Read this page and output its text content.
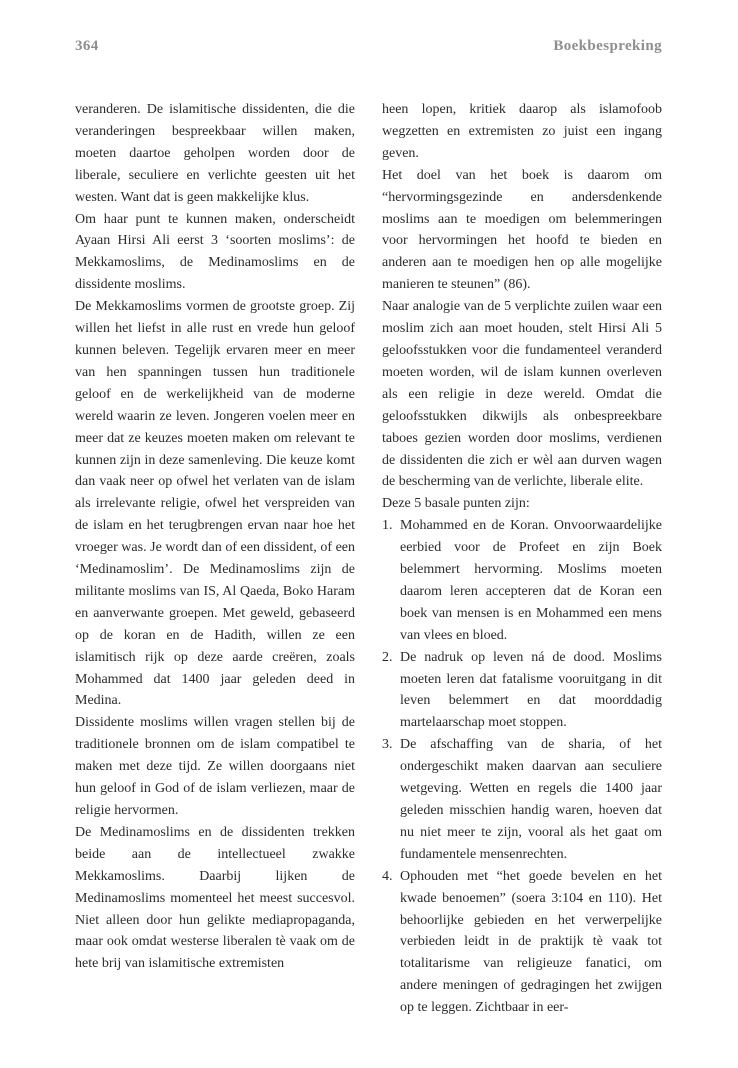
364	Boekbespreking

veranderen. De islamitische dissidenten, die die veranderingen bespreekbaar willen maken, moeten daartoe geholpen worden door de liberale, seculiere en verlichte geesten uit het westen. Want dat is geen makkelijke klus.

Om haar punt te kunnen maken, onderscheidt Ayaan Hirsi Ali eerst 3 ‘soorten moslims’: de Mekkamoslims, de Medinamoslims en de dissidente moslims.

De Mekkamoslims vormen de grootste groep. Zij willen het liefst in alle rust en vrede hun geloof kunnen beleven. Tegelijk ervaren meer en meer van hen spanningen tussen hun traditionele geloof en de werkelijkheid van de moderne wereld waarin ze leven. Jongeren voelen meer en meer dat ze keuzes moeten maken om relevant te kunnen zijn in deze samenleving. Die keuze komt dan vaak neer op ofwel het verlaten van de islam als irrelevante religie, ofwel het verspreiden van de islam en het terugbrengen ervan naar hoe het vroeger was. Je wordt dan of een dissident, of een ‘Medinamoslim’. De Medinamoslims zijn de militante moslims van IS, Al Qaeda, Boko Haram en aanverwante groepen. Met geweld, gebaseerd op de koran en de Hadith, willen ze een islamitisch rijk op deze aarde creëren, zoals Mohammed dat 1400 jaar geleden deed in Medina.

Dissidente moslims willen vragen stellen bij de traditionele bronnen om de islam compatibel te maken met deze tijd. Ze willen doorgaans niet hun geloof in God of de islam verliezen, maar de religie hervormen.

De Medinamoslims en de dissidenten trekken beide aan de intellectueel zwakke Mekkamoslims. Daarbij lijken de Medinamoslims momenteel het meest succesvol. Niet alleen door hun gelikte mediapropaganda, maar ook omdat westerse liberalen tè vaak om de hete brij van islamitische extremisten

heen lopen, kritiek daarop als islamofoob wegzetten en extremisten zo juist een ingang geven.

Het doel van het boek is daarom om “hervormingsgezinde en andersdenkende moslims aan te moedigen om belemmeringen voor hervormingen het hoofd te bieden en anderen aan te moedigen hen op alle mogelijke manieren te steunen” (86).

Naar analogie van de 5 verplichte zuilen waar een moslim zich aan moet houden, stelt Hirsi Ali 5 geloofsstukken voor die fundamenteel veranderd moeten worden, wil de islam kunnen overleven als een religie in deze wereld. Omdat die geloofsstukken dikwijls als onbespreekbare taboes gezien worden door moslims, verdienen de dissidenten die zich er wèl aan durven wagen de bescherming van de verlichte, liberale elite.

Deze 5 basale punten zijn:

1. Mohammed en de Koran. Onvoorwaardelijke eerbied voor de Profeet en zijn Boek belemmert hervorming. Moslims moeten daarom leren accepteren dat de Koran een boek van mensen is en Mohammed een mens van vlees en bloed.
2. De nadruk op leven ná de dood. Moslims moeten leren dat fatalisme vooruitgang in dit leven belemmert en dat moorddadig martelaarschap moet stoppen.
3. De afschaffing van de sharia, of het ondergeschikt maken daarvan aan seculiere wetgeving. Wetten en regels die 1400 jaar geleden misschien handig waren, hoeven dat nu niet meer te zijn, vooral als het gaat om fundamentele mensenrechten.
4. Ophouden met “het goede bevelen en het kwade benoemen” (soera 3:104 en 110). Het behoorlijke gebieden en het verwerpelijke verbieden leidt in de praktijk tè vaak tot totalitarisme van religieuze fanatici, om andere meningen of gedragingen het zwijgen op te leggen. Zichtbaar in eer-
